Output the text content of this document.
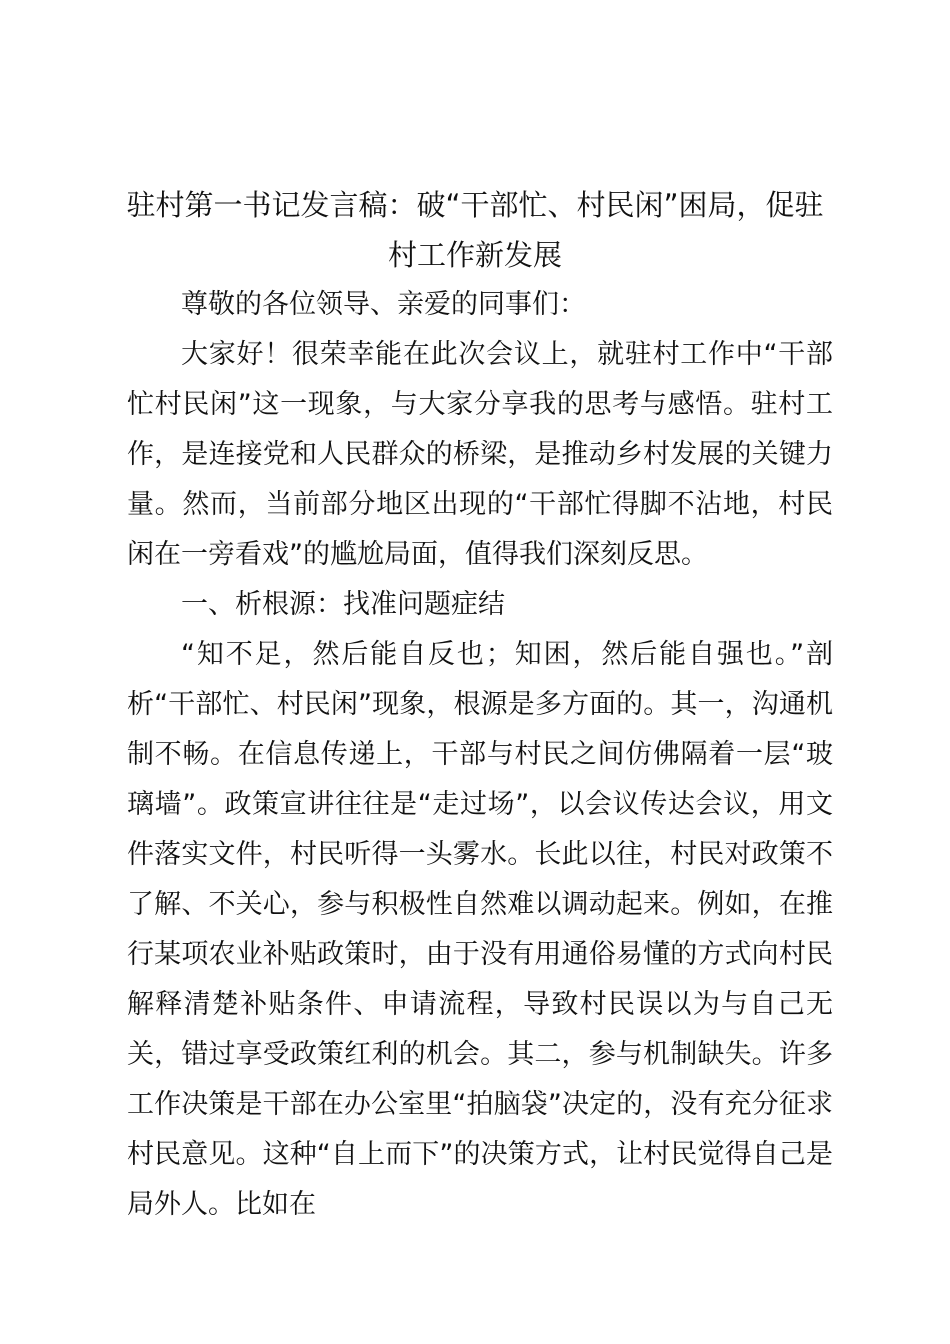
驻村第一书记发言稿：破“干部忙、村民闲”困局，促驻村工作新发展

尊敬的各位领导、亲爱的同事们：

大家好！很荣幸能在此次会议上，就驻村工作中“干部忙村民闲”这一现象，与大家分享我的思考与感悟。驻村工作，是连接党和人民群众的桥梁，是推动乡村发展的关键力量。然而，当前部分地区出现的“干部忙得脚不沾地，村民闲在一旁看戏”的尴尬局面，值得我们深刻反思。

一、析根源：找准问题症结

“知不足，然后能自反也；知困，然后能自强也。”剖析“干部忙、村民闲”现象，根源是多方面的。其一，沟通机制不畅。在信息传递上，干部与村民之间仿佛隔着一层“玻璃墙”。政策宣讲往往是“走过场”，以会议传达会议，用文件落实文件，村民听得一头雾水。长此以往，村民对政策不了解、不关心，参与积极性自然难以调动起来。例如，在推行某项农业补贴政策时，由于没有用通俗易懂的方式向村民解释清楚补贴条件、申请流程，导致村民误以为与自己无关，错过享受政策红利的机会。其二，参与机制缺失。许多工作决策是干部在办公室里“拍脑袋”决定的，没有充分征求村民意见。这种“自上而下”的决策方式，让村民觉得自己是局外人。比如在
